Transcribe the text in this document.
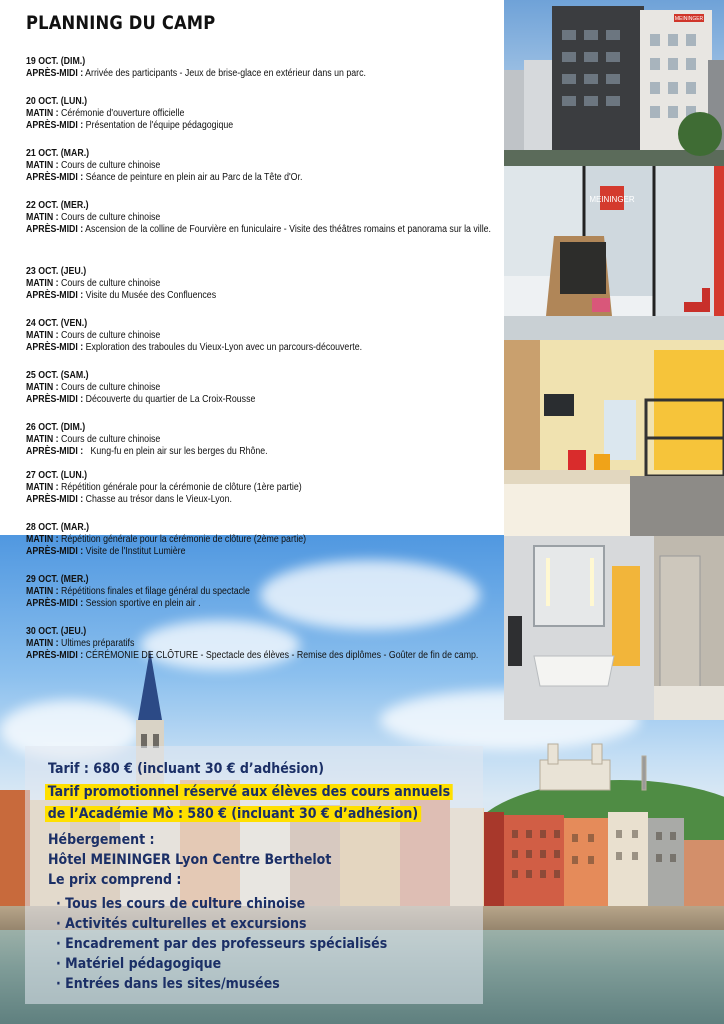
PLANNING DU CAMP
19 OCT. (DIM.)
APRÈS-MIDI : Arrivée des participants - Jeux de brise-glace en extérieur dans un parc.
20 OCT. (LUN.)
MATIN : Cérémonie d'ouverture officielle
APRÈS-MIDI : Présentation de l'équipe pédagogique
21 OCT. (MAR.)
MATIN : Cours de culture chinoise
APRÈS-MIDI : Séance de peinture en plein air au Parc de la Tête d'Or.
22 OCT. (MER.)
MATIN : Cours de culture chinoise
APRÈS-MIDI : Ascension de la colline de Fourvière en funiculaire - Visite des théâtres romains et panorama sur la ville.
23 OCT. (JEU.)
MATIN : Cours de culture chinoise
APRÈS-MIDI : Visite du Musée des Confluences
24 OCT. (VEN.)
MATIN : Cours de culture chinoise
APRÈS-MIDI : Exploration des traboules du Vieux-Lyon avec un parcours-découverte.
25 OCT. (SAM.)
MATIN : Cours de culture chinoise
APRÈS-MIDI : Découverte du quartier de La Croix-Rousse
26 OCT. (DIM.)
MATIN : Cours de culture chinoise
APRÈS-MIDI :   Kung-fu en plein air sur les berges du Rhône.
27 OCT. (LUN.)
MATIN : Répétition générale pour la cérémonie de clôture (1ère partie)
APRÈS-MIDI : Chasse au trésor dans le Vieux-Lyon.
28 OCT. (MAR.)
MATIN : Répétition générale pour la cérémonie de clôture (2ème partie)
APRÈS-MIDI : Visite de l'Institut Lumière
29 OCT. (MER.)
MATIN : Répétitions finales et filage général du spectacle
APRÈS-MIDI : Session sportive en plein air .
30 OCT. (JEU.)
MATIN : Ultimes préparatifs
APRÈS-MIDI : CÉRÉMONIE DE CLÔTURE - Spectacle des élèves - Remise des diplômes - Goûter de fin de camp.
MEININGER
MEININGER
Tarif : 680 € (incluant 30 € d’adhésion)
Tarif promotionnel réservé aux élèves des cours annuels
de l’Académie Mò : 580 € (incluant 30 € d’adhésion)
Hébergement :
Hôtel MEININGER Lyon Centre Berthelot
Le prix comprend :
· Tous les cours de culture chinoise
· Activités culturelles et excursions
· Encadrement par des professeurs spécialisés
· Matériel pédagogique
· Entrées dans les sites/musées
